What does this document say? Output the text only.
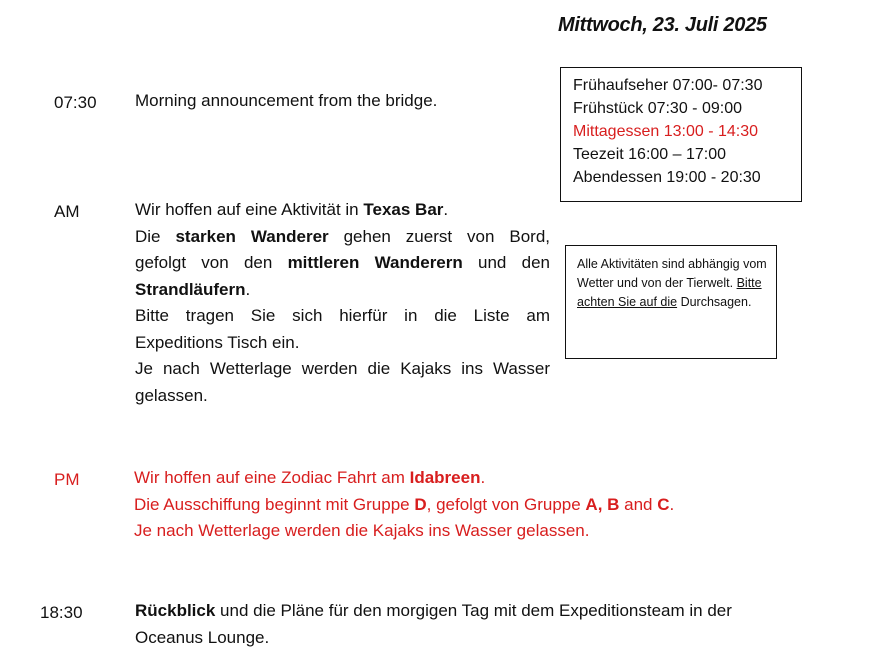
Mittwoch, 23. Juli 2025
Frühaufseher 07:00- 07:30
Frühstück 07:30 - 09:00
Mittagessen 13:00 - 14:30
Teezeit 16:00 – 17:00
Abendessen 19:00 - 20:30
Alle Aktivitäten sind abhängig vom Wetter und von der Tierwelt. Bitte achten Sie auf die Durchsagen.
07:30 Morning announcement from the bridge.
AM	Wir hoffen auf eine Aktivität in Texas Bar.
Die starken Wanderer gehen zuerst von Bord,
gefolgt von den mittleren Wanderern und den
Strandläufern.
Bitte tragen Sie sich hierfür in die Liste am
Expeditions Tisch ein.
Je nach Wetterlage werden die Kajaks ins Wasser
gelassen.
PM	Wir hoffen auf eine Zodiac Fahrt am Idabreen.
Die Ausschiffung beginnt mit Gruppe D, gefolgt von Gruppe A, B and C.
Je nach Wetterlage werden die Kajaks ins Wasser gelassen.
18:30	Rückblick und die Pläne für den morgigen Tag mit dem Expeditionsteam in der
Oceanus Lounge.
